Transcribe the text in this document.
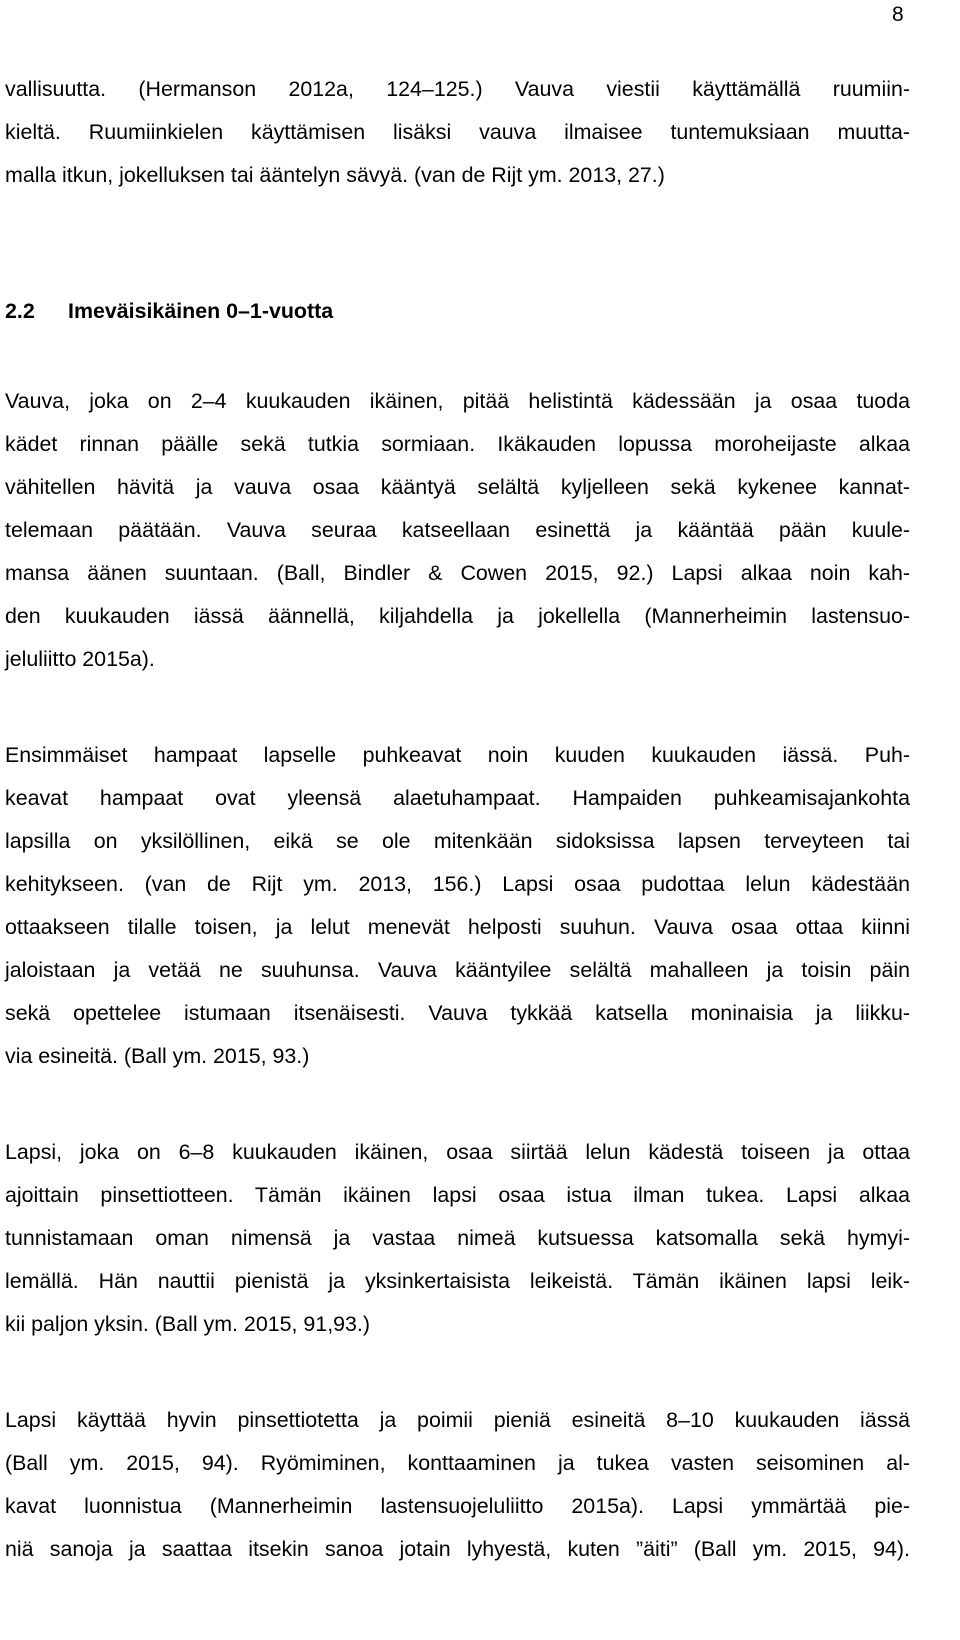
8
vallisuutta. (Hermanson 2012a, 124–125.) Vauva viestii käyttämällä ruumiin-
kieltä. Ruumiinkielen käyttämisen lisäksi vauva ilmaisee tuntemuksiaan muutta-
malla itkun, jokelluksen tai ääntelyn sävyä. (van de Rijt ym. 2013, 27.)
2.2 Imeväisikäinen 0–1-vuotta
Vauva, joka on 2–4 kuukauden ikäinen, pitää helistintä kädessään ja osaa tuoda
kädet rinnan päälle sekä tutkia sormiaan. Ikäkauden lopussa moroheijaste alkaa
vähitellen hävitä ja vauva osaa kääntyä selältä kyljelleen sekä kykenee kannat-
telemaan päätään. Vauva seuraa katseellaan esinettä ja kääntää pään kuule-
mansa äänen suuntaan. (Ball, Bindler & Cowen 2015, 92.) Lapsi alkaa noin kah-
den kuukauden iässä äännellä, kiljahdella ja jokellella (Mannerheimin lastensuo-
jeluliitto 2015a).
Ensimmäiset hampaat lapselle puhkeavat noin kuuden kuukauden iässä. Puh-
keavat hampaat ovat yleensä alaetuhampaat. Hampaiden puhkeamisajankohta
lapsilla on yksilöllinen, eikä se ole mitenkään sidoksissa lapsen terveyteen tai
kehitykseen. (van de Rijt ym. 2013, 156.) Lapsi osaa pudottaa lelun kädestään
ottaakseen tilalle toisen, ja lelut menevät helposti suuhun. Vauva osaa ottaa kiinni
jaloistaan ja vetää ne suuhunsa. Vauva kääntyilee selältä mahalleen ja toisin päin
sekä opettelee istumaan itsenäisesti. Vauva tykkää katsella moninaisia ja liikku-
via esineitä. (Ball ym. 2015, 93.)
Lapsi, joka on 6–8 kuukauden ikäinen, osaa siirtää lelun kädestä toiseen ja ottaa
ajoittain pinsettiotteen. Tämän ikäinen lapsi osaa istua ilman tukea. Lapsi alkaa
tunnistamaan oman nimensä ja vastaa nimeä kutsuessa katsomalla sekä hymyi-
lemällä. Hän nauttii pienistä ja yksinkertaisista leikeistä. Tämän ikäinen lapsi leik-
kii paljon yksin. (Ball ym. 2015, 91,93.)
Lapsi käyttää hyvin pinsettiotetta ja poimii pieniä esineitä 8–10 kuukauden iässä
(Ball ym. 2015, 94). Ryömiminen, konttaaminen ja tukea vasten seisominen al-
kavat luonnistua (Mannerheimin lastensuojeluliitto 2015a). Lapsi ymmärtää pie-
niä sanoja ja saattaa itsekin sanoa jotain lyhyestä, kuten ”äiti” (Ball ym. 2015, 94).
